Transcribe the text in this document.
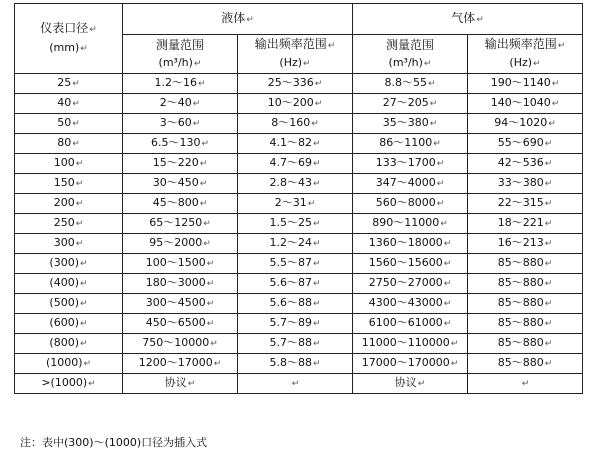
仪表口径 ↵
(mm) ↵	液体 ↵		气体 ↵
	测量范围	输出频率范围 ↵	测量范围	输出频率范围 ↵
	(m³/h) ↵	(Hz) ↵	(m³/h) ↵	(Hz) ↵
25 ↵	1.2～16 ↵	25～336 ↵	8.8～55 ↵	190～1140 ↵
40 ↵	2～40 ↵	10～200 ↵	27～205 ↵	140～1040 ↵
50 ↵	3～60 ↵	8～160 ↵	35～380 ↵	94～1020 ↵
80 ↵	6.5～130 ↵	4.1～82 ↵	86～1100 ↵	55～690 ↵
100 ↵	15～220 ↵	4.7～69 ↵	133～1700 ↵	42～536 ↵
150 ↵	30～450 ↵	2.8～43 ↵	347～4000 ↵	33～380 ↵
200 ↵	45～800 ↵	2～31 ↵	560～8000 ↵	22～315 ↵
250 ↵	65～1250 ↵	1.5～25 ↵	890～11000 ↵	18～221 ↵
300 ↵	95～2000 ↵	1.2～24 ↵	1360～18000 ↵	16～213 ↵
(300) ↵	100～1500 ↵	5.5～87 ↵	1560～15600 ↵	85～880 ↵
(400) ↵	180～3000 ↵	5.6～87 ↵	2750～27000 ↵	85～880 ↵
(500) ↵	300～4500 ↵	5.6～88 ↵	4300～43000 ↵	85～880 ↵
(600) ↵	450～6500 ↵	5.7～89 ↵	6100～61000 ↵	85～880 ↵
(800) ↵	750～10000 ↵	5.7～88 ↵	11000～110000 ↵	85～880 ↵
(1000) ↵	1200～17000 ↵	5.8～88 ↵	17000～170000 ↵	85～880 ↵
>(1000) ↵	协议 ↵	↵	协议 ↵	↵
注：表中(300)～(1000)口径为插入式
